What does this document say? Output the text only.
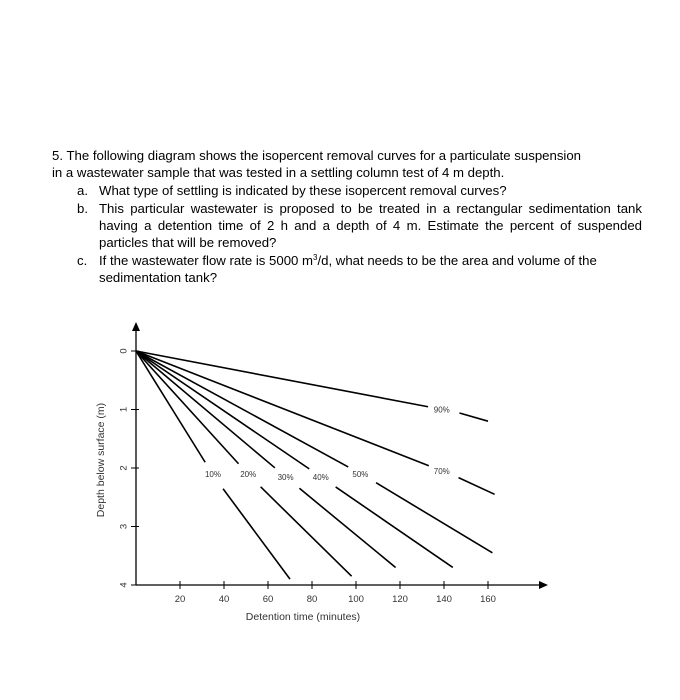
5. The following diagram shows the isopercent removal curves for a particulate suspension in a wastewater sample that was tested in a settling column test of 4 m depth.

a. What type of settling is indicated by these isopercent removal curves?
b. This particular wastewater is proposed to be treated in a rectangular sedimentation tank having a detention time of 2 h and a depth of 4 m. Estimate the percent of suspended particles that will be removed?
c. If the wastewater flow rate is 5000 $m^3/d$, what needs to be the area and volume of the sedimentation tank?
20	40	60	80	100	120	140	160
0
1
2
3
4
Detention time (minutes)
Depth below surface (m)	10% 20%	30% 40%	50%	70%
90%
